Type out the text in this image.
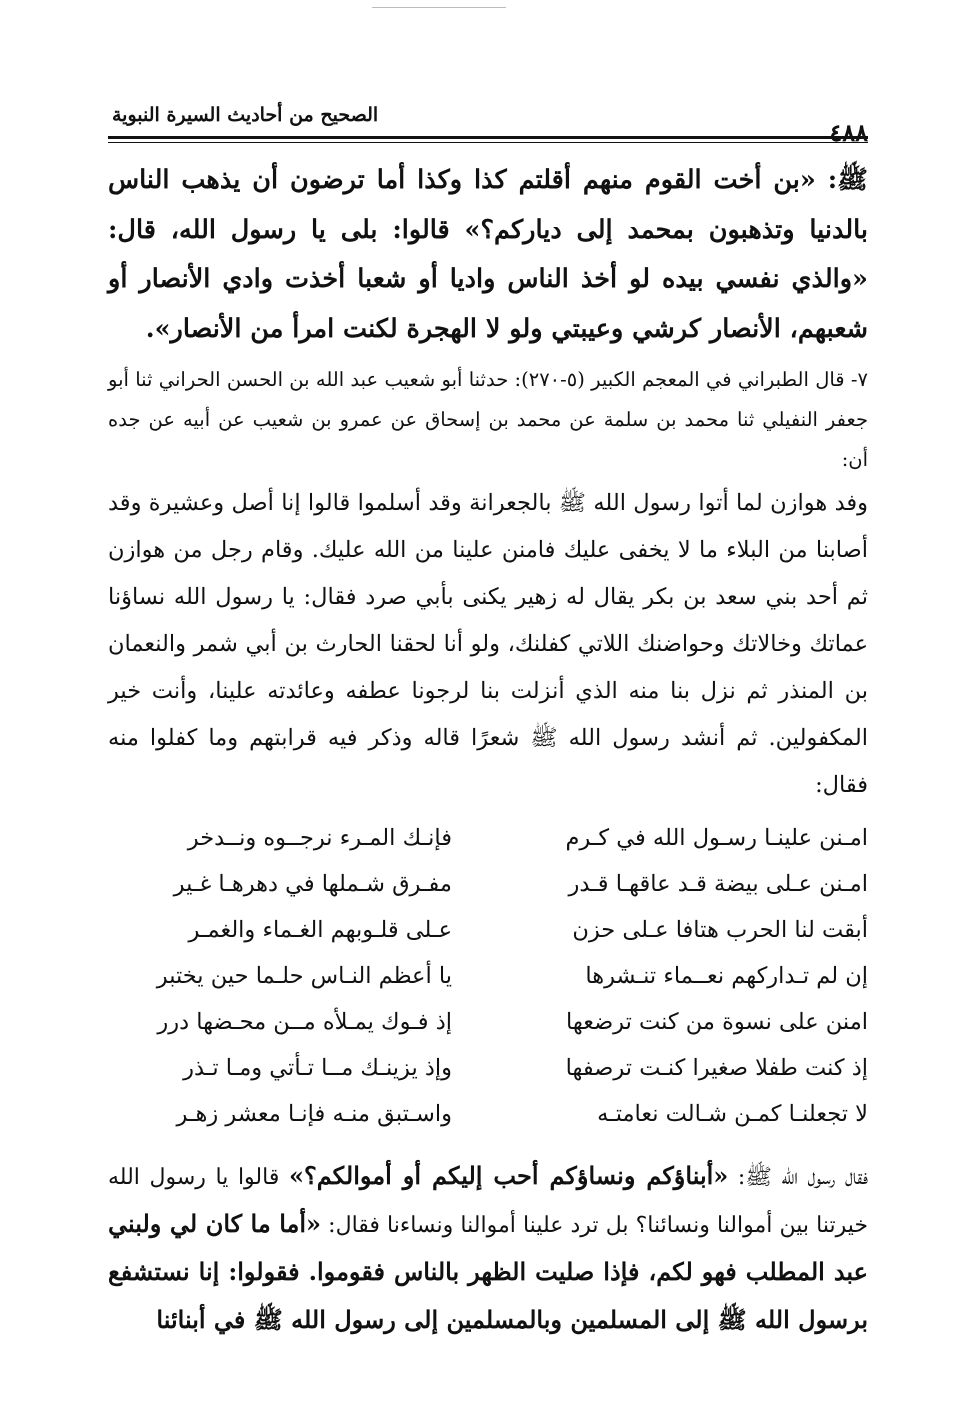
٤٨٨
الصحيح من أحاديث السيرة النبوية

ﷺ: «بن أخت القوم منهم أقلتم كذا وكذا أما ترضون أن يذهب الناس بالدنيا وتذهبون بمحمد إلى دياركم؟» قالوا: بلى يا رسول الله، قال: «والذي نفسي بيده لو أخذ الناس واديا أو شعبا أخذت وادي الأنصار أو شعبهم، الأنصار كرشي وعيبتي ولو لا الهجرة لكنت امرأ من الأنصار».

٧- قال الطبراني في المعجم الكبير (٥-٢٧٠): حدثنا أبو شعيب عبد الله بن الحسن الحراني ثنا أبو جعفر النفيلي ثنا محمد بن سلمة عن محمد بن إسحاق عن عمرو بن شعيب عن أبيه عن جده أن:

وفد هوازن لما أتوا رسول الله ﷺ بالجعرانة وقد أسلموا قالوا إنا أصل وعشيرة وقد أصابنا من البلاء ما لا يخفى عليك فامنن علينا من الله عليك. وقام رجل من هوازن ثم أحد بني سعد بن بكر يقال له زهير يكنى بأبي صرد فقال: يا رسول الله نساؤنا عماتك وخالاتك وحواضنك اللاتي كفلنك، ولو أنا لحقنا الحارث بن أبي شمر والنعمان بن المنذر ثم نزل بنا منه الذي أنزلت بنا لرجونا عطفه وعائدته علينا، وأنت خير المكفولين. ثم أنشد رسول الله ﷺ شعرًا قاله وذكر فيه قرابتهم وما كفلوا منه فقال:

امـنن علينـا رسـول الله في كـرم
فإنـك المـرء نرجــوه ونــدخر
امـنن عـلى بيضة قـد عاقهـا قـدر
مفـرق شـملها في دهرهـا غـير
أبقت لنا الحرب هتافا عـلى حزن
عـلى قلـوبهم الغـماء والغمـر
إن لم تـداركهم نعــماء تنـشرها
يا أعظم النـاس حلـما حين يختبر
امنن على نسوة من كنت ترضعها
إذ فـوك يمـلأه مــن محـضها درر
إذ كنت طفلا صغيرا كنـت ترصفها
وإذ يزينـك مــا تـأتي ومـا تـذر
لا تجعلنـا كمـن شـالت نعامتـه
واسـتبق منـه فإنـا معشر زهـر

فقال رسول الله ﷺ: «أبناؤكم ونساؤكم أحب إليكم أو أموالكم؟» قالوا يا رسول الله خيرتنا بين أموالنا ونسائنا؟ بل ترد علينا أموالنا ونساءنا فقال: «أما ما كان لي ولبني عبد المطلب فهو لكم، فإذا صليت الظهر بالناس فقوموا. فقولوا: إنا نستشفع برسول الله ﷺ إلى المسلمين وبالمسلمين إلى رسول الله ﷺ في أبنائنا
